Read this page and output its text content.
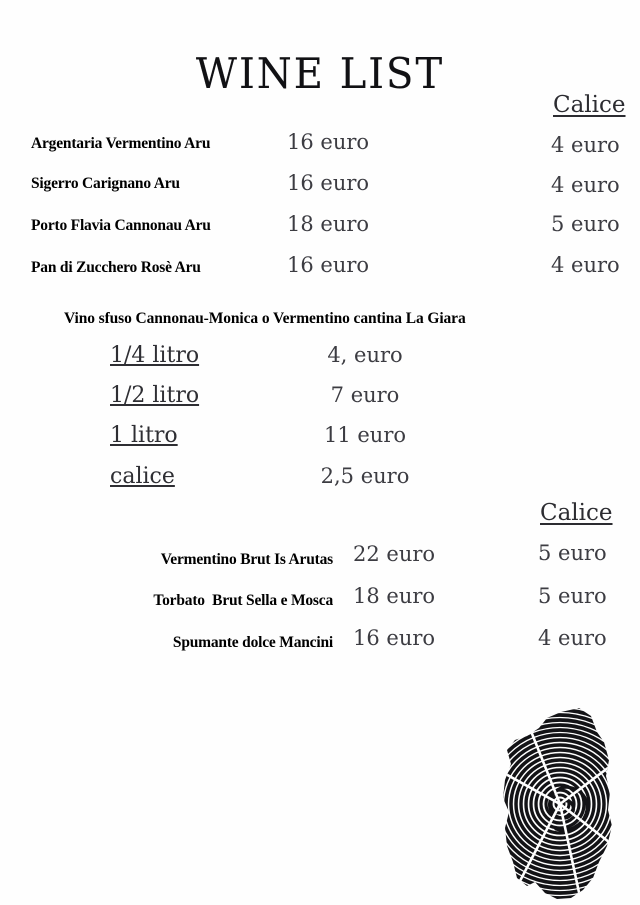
WINE LIST
Calice
Argentaria Vermentino Aru	16 euro	4 euro
Sigerro Carignano Aru	16 euro	4 euro
Porto Flavia Cannonau Aru	18 euro	5 euro
Pan di Zucchero Rosè Aru	16 euro	4 euro
Vino sfuso Cannonau-Monica o Vermentino cantina La Giara
1/4 litro	4, euro
1/2 litro	7 euro
1 litro	11 euro
calice	2,5 euro
Calice
Vermentino Brut Is Arutas 22 euro	5 euro
Torbato  Brut Sella e Mosca 18 euro	5 euro
Spumante dolce Mancini 16 euro	4 euro
